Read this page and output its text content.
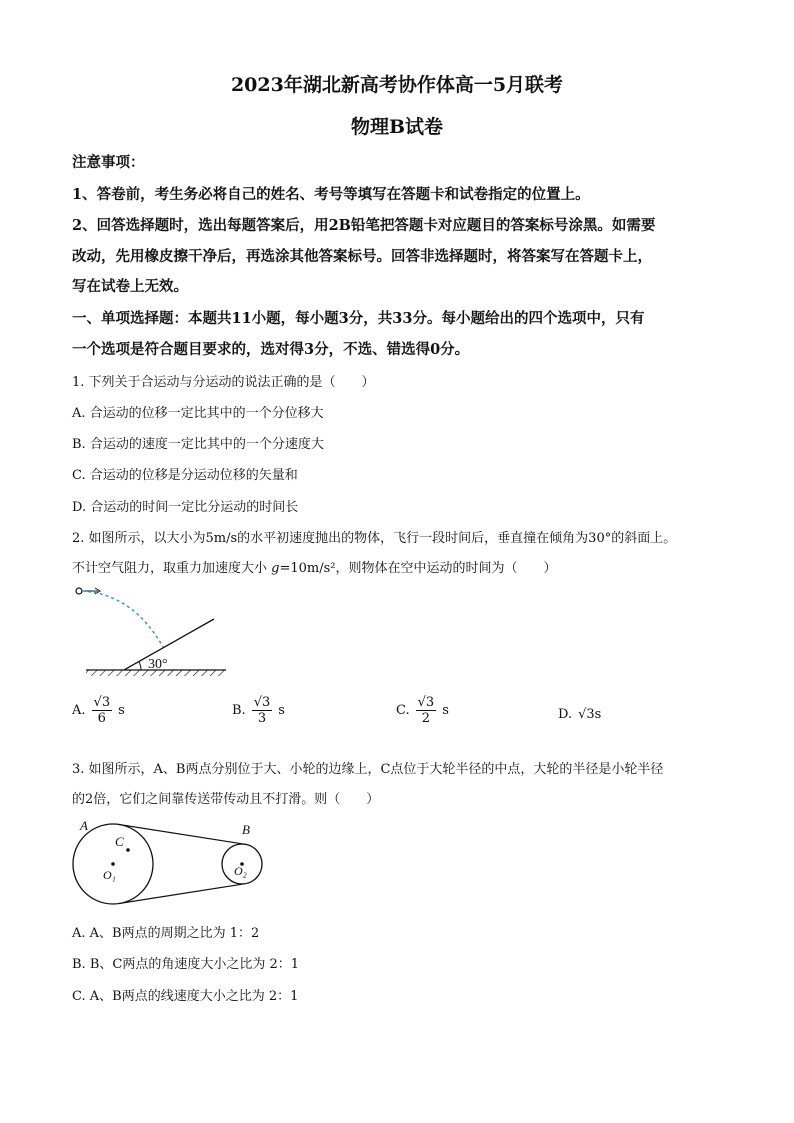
2023年湖北新高考协作体高一5月联考
物理B试卷
注意事项：
1、答卷前，考生务必将自己的姓名、考号等填写在答题卡和试卷指定的位置上。
2、回答选择题时，选出每题答案后，用2B铅笔把答题卡对应题目的答案标号涂黑。如需要
改动，先用橡皮擦干净后，再选涂其他答案标号。回答非选择题时，将答案写在答题卡上，
写在试卷上无效。
一、单项选择题：本题共11小题，每小题3分，共33分。每小题给出的四个选项中，只有
一个选项是符合题目要求的，选对得3分，不选、错选得0分。
1. 下列关于合运动与分运动的说法正确的是（　　）
A. 合运动的位移一定比其中的一个分位移大
B. 合运动的速度一定比其中的一个分速度大
C. 合运动的位移是分运动位移的矢量和
D. 合运动的时间一定比分运动的时间长
2. 如图所示，以大小为5m/s的水平初速度抛出的物体，飞行一段时间后，垂直撞在倾角为30°的斜面上。
不计空气阻力，取重力加速度大小 g=10m/s²，则物体在空中运动的时间为（　　）
30°
A. $\frac{√3}{6}$ s	B. $\frac{√3}{3}$ s	C. $\frac{√3}{2}$ s	D. √3 s
3. 如图所示，A、B两点分别位于大、小轮的边缘上，C点位于大轮半径的中点，大轮的半径是小轮半径
的2倍，它们之间靠传送带传动且不打滑。则（　　）
A
C
B
O₁	O₂
A. A、B两点的周期之比为 1：2
B. B、C两点的角速度大小之比为 2：1
C. A、B两点的线速度大小之比为 2：1
